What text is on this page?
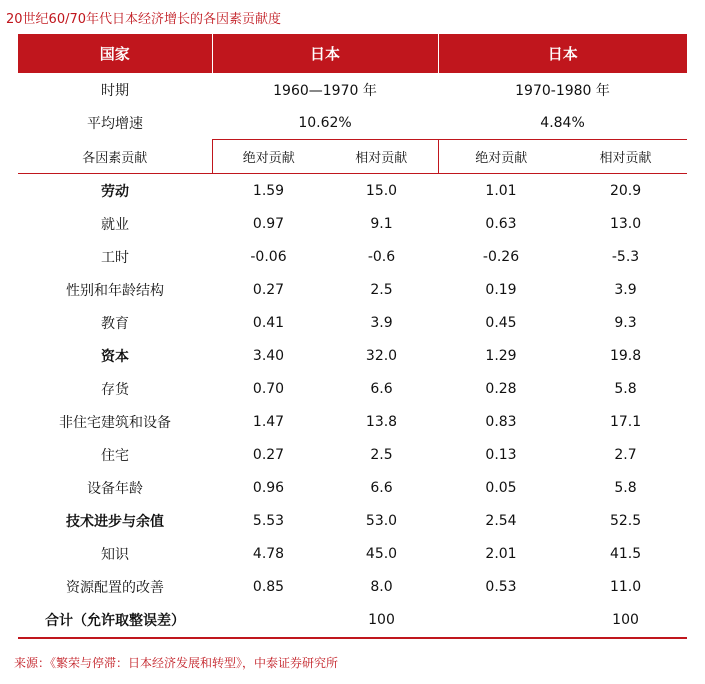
20世纪60/70年代日本经济增长的各因素贡献度
国家	日本		日本	
时期	1960—1970 年		1970-1980 年	
平均增速	10.62%		4.84%	
各因素贡献	绝对贡献	相对贡献	绝对贡献	相对贡献
劳动	1.59	15.0	1.01	20.9
就业	0.97	9.1	0.63	13.0
工时	-0.06	-0.6	-0.26	-5.3
性别和年龄结构	0.27	2.5	0.19	3.9
教育	0.41	3.9	0.45	9.3
资本	3.40	32.0	1.29	19.8
存货	0.70	6.6	0.28	5.8
非住宅建筑和设备	1.47	13.8	0.83	17.1
住宅	0.27	2.5	0.13	2.7
设备年龄	0.96	6.6	0.05	5.8
技术进步与余值	5.53	53.0	2.54	52.5
知识	4.78	45.0	2.01	41.5
资源配置的改善	0.85	8.0	0.53	11.0
合计（允许取整误差）		100		100
来源：《繁荣与停滞：日本经济发展和转型》，中泰证券研究所
